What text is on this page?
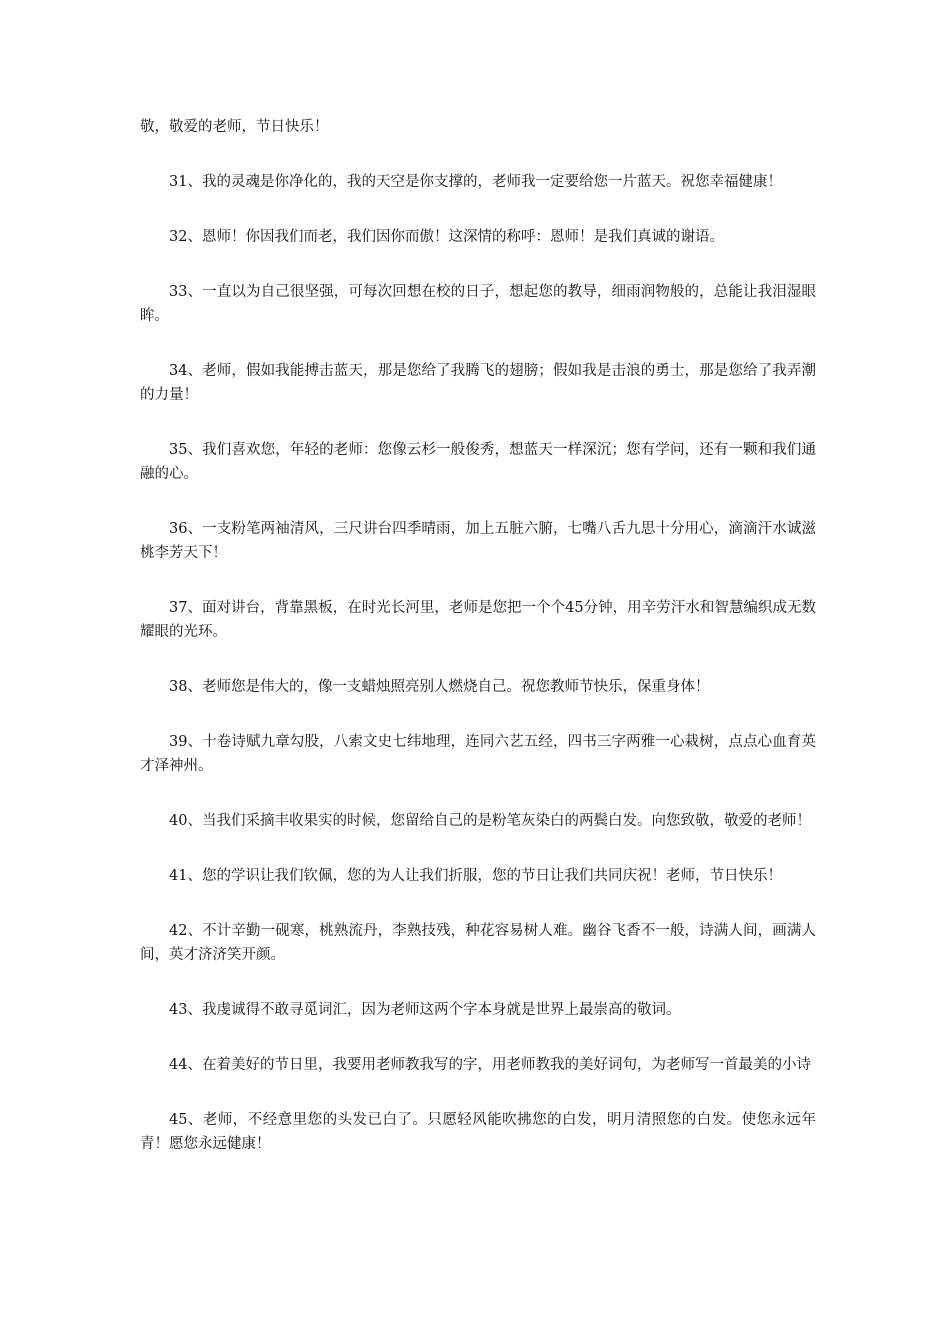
敬，敬爱的老师，节日快乐！

31、我的灵魂是你净化的，我的天空是你支撑的，老师我一定要给您一片蓝天。祝您幸福健康！

32、恩师！你因我们而老，我们因你而傲！这深情的称呼：恩师！是我们真诚的谢语。

33、一直以为自己很坚强，可每次回想在校的日子，想起您的教导，细雨润物般的，总能让我泪湿眼眸。

34、老师，假如我能搏击蓝天，那是您给了我腾飞的翅膀；假如我是击浪的勇士，那是您给了我弄潮的力量！

35、我们喜欢您，年轻的老师：您像云杉一般俊秀，想蓝天一样深沉；您有学问，还有一颗和我们通融的心。

36、一支粉笔两袖清风，三尺讲台四季晴雨，加上五脏六腑，七嘴八舌九思十分用心，滴滴汗水诚滋桃李芳天下！

37、面对讲台，背靠黑板，在时光长河里，老师是您把一个个45分钟，用辛劳汗水和智慧编织成无数耀眼的光环。

38、老师您是伟大的，像一支蜡烛照亮别人燃烧自己。祝您教师节快乐，保重身体！

39、十卷诗赋九章勾股，八索文史七纬地理，连同六艺五经，四书三字两雅一心栽树，点点心血育英才泽神州。

40、当我们采摘丰收果实的时候，您留给自己的是粉笔灰染白的两鬓白发。向您致敬，敬爱的老师！

41、您的学识让我们钦佩，您的为人让我们折服，您的节日让我们共同庆祝！老师，节日快乐！

42、不计辛勤一砚寒，桃熟流丹，李熟技残，种花容易树人难。幽谷飞香不一般，诗满人间，画满人间，英才济济笑开颜。

43、我虔诚得不敢寻觅词汇，因为老师这两个字本身就是世界上最崇高的敬词。

44、在着美好的节日里，我要用老师教我写的字，用老师教我的美好词句，为老师写一首最美的小诗

45、老师，不经意里您的头发已白了。只愿轻风能吹拂您的白发，明月清照您的白发。使您永远年青！愿您永远健康！
